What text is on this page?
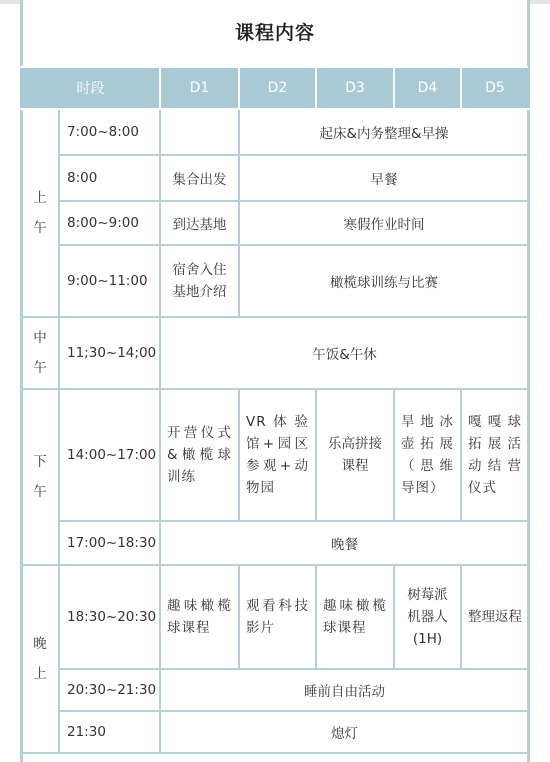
课程内容
时段		D1	D2	D3	D4	D5

上
午	7:00~8:00		起床&内务整理&早操			
	8:00	集合出发	早餐			
	8:00~9:00	到达基地	寒假作业时间			
	9:00~11:00	宿舍入住基地介绍	橄榄球训练与比赛			

中
午	11;30~14;00	午饭&午休				

下
午	14:00~17:00	开营仪式&橄榄球训练	VR体验馆+园区参观+动物园	乐高拼接课程	旱地冰壶拓展（思维导图）	嘎嘎球拓展活动结营仪式
	17:00~18:30	晚餐				

晚
上	18:30~20:30	趣味橄榄球课程	观看科技影片	趣味橄榄球课程	树莓派机器人(1H)	整理返程
	20:30~21:30	睡前自由活动				
	21:30	熄灯				
